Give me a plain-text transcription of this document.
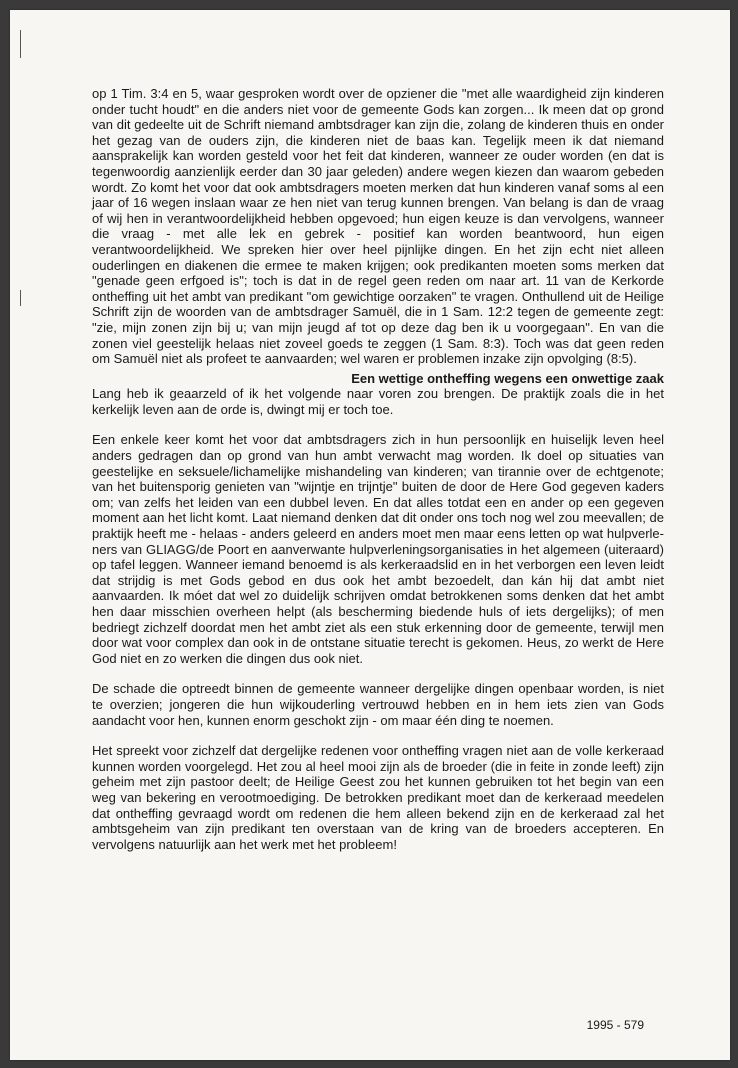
op 1 Tim. 3:4 en 5, waar gesproken wordt over de opziener die "met alle waardigheid zijn kinderen onder tucht houdt" en die anders niet voor de gemeente Gods kan zorgen... Ik meen dat op grond van dit gedeelte uit de Schrift niemand ambtsdrager kan zijn die, zolang de kinderen thuis en onder het gezag van de ouders zijn, die kinderen niet de baas kan. Tegelijk meen ik dat niemand aansprakelijk kan worden gesteld voor het feit dat kinderen, wanneer ze ouder worden (en dat is tegenwoordig aanzienlijk eerder dan 30 jaar geleden) andere wegen kiezen dan waarom gebeden wordt. Zo komt het voor dat ook ambtsdragers moeten merken dat hun kinderen vanaf soms al een jaar of 16 wegen inslaan waar ze hen niet van terug kunnen brengen. Van belang is dan de vraag of wij hen in verantwoordelijkheid hebben opgevoed; hun eigen keuze is dan vervolgens, wanneer die vraag - met alle lek en gebrek - positief kan worden beantwoord, hun eigen verantwoordelijkheid. We spreken hier over heel pijnlijke dingen. En het zijn echt niet alleen ouderlingen en diakenen die ermee te maken krijgen; ook predikanten moeten soms merken dat "genade geen erfgoed is"; toch is dat in de regel geen reden om naar art. 11 van de Kerkorde ontheffing uit het ambt van predikant "om gewichtige oorzaken" te vragen. Onthullend uit de Heilige Schrift zijn de woorden van de ambtsdrager Samuël, die in 1 Sam. 12:2 tegen de gemeente zegt: "zie, mijn zonen zijn bij u; van mijn jeugd af tot op deze dag ben ik u voorgegaan". En van die zonen viel geestelijk helaas niet zoveel goeds te zeggen (1 Sam. 8:3). Toch was dat geen reden om Samuël niet als profeet te aanvaarden; wel waren er problemen inzake zijn opvolging (8:5).

Een wettige ontheffing wegens een onwettige zaak

Lang heb ik geaarzeld of ik het volgende naar voren zou brengen. De praktijk zoals die in het kerkelijk leven aan de orde is, dwingt mij er toch toe.

Een enkele keer komt het voor dat ambtsdragers zich in hun persoonlijk en huiselijk leven heel anders gedragen dan op grond van hun ambt verwacht mag worden. Ik doel op situaties van geestelijke en seksuele/lichamelijke mishandeling van kinderen; van tirannie over de echtgenote; van het buitensporig genieten van "wijntje en trijntje" buiten de door de Here God gegeven kaders om; van zelfs het leiden van een dubbel leven. En dat alles totdat een en ander op een gegeven moment aan het licht komt. Laat niemand denken dat dit onder ons toch nog wel zou meevallen; de praktijk heeft me - helaas - anders geleerd en anders moet men maar eens letten op wat hulpverleners van GLIAGG/de Poort en aanverwante hulpverleningsorganisaties in het algemeen (uiteraard) op tafel leggen. Wanneer iemand benoemd is als kerkeraadslid en in het verborgen een leven leidt dat strijdig is met Gods gebod en dus ook het ambt bezoedelt, dan kán hij dat ambt niet aanvaarden. Ik móet dat wel zo duidelijk schrijven omdat betrokkenen soms denken dat het ambt hen daar misschien overheen helpt (als bescherming biedende huls of iets dergelijks); of men bedriegt zichzelf doordat men het ambt ziet als een stuk erkenning door de gemeente, terwijl men door wat voor complex dan ook in de ontstane situatie terecht is gekomen. Heus, zo werkt de Here God niet en zo werken die dingen dus ook niet.

De schade die optreedt binnen de gemeente wanneer dergelijke dingen openbaar worden, is niet te overzien; jongeren die hun wijkouderling vertrouwd hebben en in hem iets zien van Gods aandacht voor hen, kunnen enorm geschokt zijn - om maar één ding te noemen.

Het spreekt voor zichzelf dat dergelijke redenen voor ontheffing vragen niet aan de volle kerkeraad kunnen worden voorgelegd. Het zou al heel mooi zijn als de broeder (die in feite in zonde leeft) zijn geheim met zijn pastoor deelt; de Heilige Geest zou het kunnen gebruiken tot het begin van een weg van bekering en verootmoediging. De betrokken predikant moet dan de kerkeraad meedelen dat ontheffing gevraagd wordt om redenen die hem alleen bekend zijn en de kerkeraad zal het ambtsgeheim van zijn predikant ten overstaan van de kring van de broeders accepteren. En vervolgens natuurlijk aan het werk met het probleem!

1995 - 579
